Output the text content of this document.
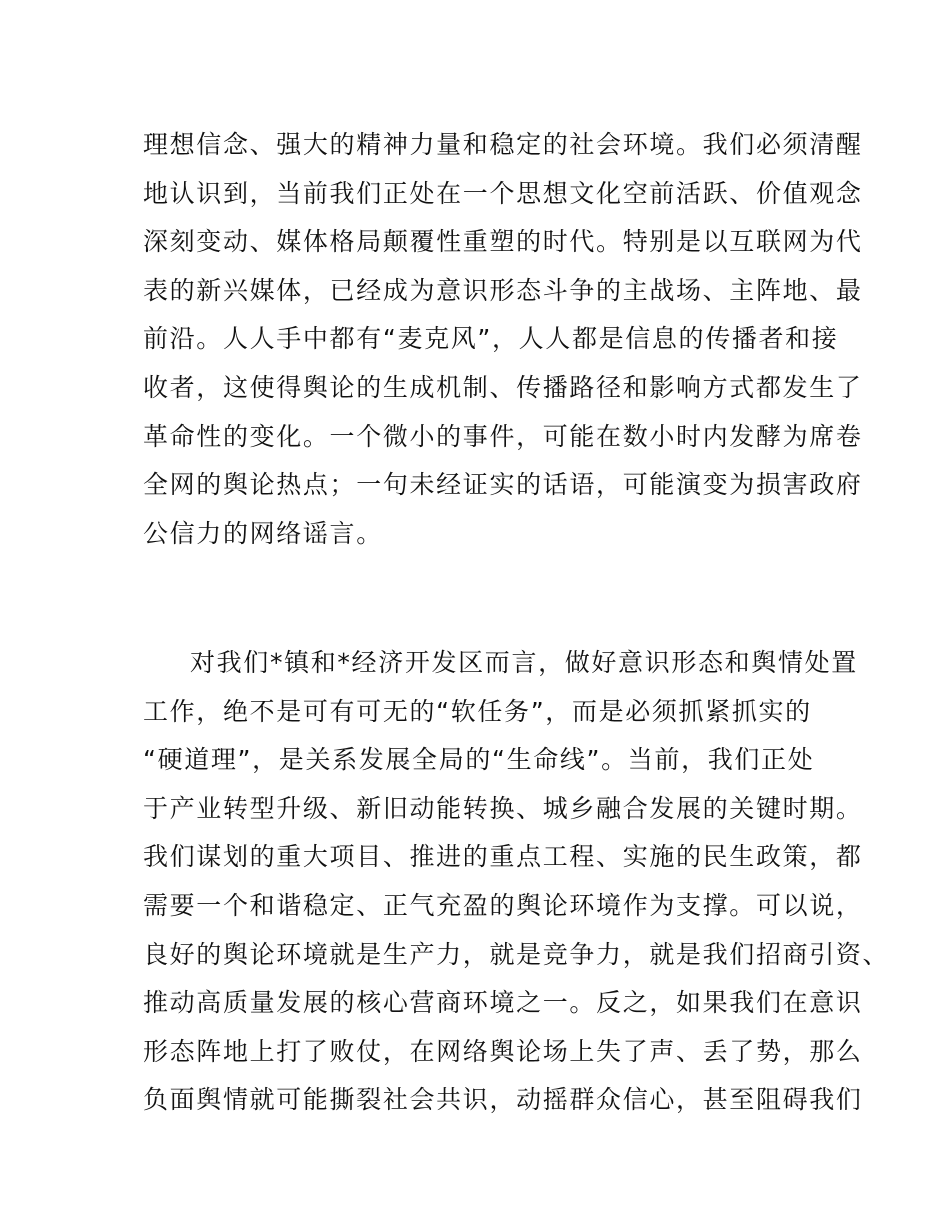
理想信念、强大的精神力量和稳定的社会环境。我们必须清醒
地认识到，当前我们正处在一个思想文化空前活跃、价值观念
深刻变动、媒体格局颠覆性重塑的时代。特别是以互联网为代
表的新兴媒体，已经成为意识形态斗争的主战场、主阵地、最
前沿。人人手中都有“麦克风”，人人都是信息的传播者和接
收者，这使得舆论的生成机制、传播路径和影响方式都发生了
革命性的变化。一个微小的事件，可能在数小时内发酵为席卷
全网的舆论热点；一句未经证实的话语，可能演变为损害政府
公信力的网络谣言。
对我们*镇和*经济开发区而言，做好意识形态和舆情处置
工作，绝不是可有可无的“软任务”，而是必须抓紧抓实的
“硬道理”，是关系发展全局的“生命线”。当前，我们正处
于产业转型升级、新旧动能转换、城乡融合发展的关键时期。
我们谋划的重大项目、推进的重点工程、实施的民生政策，都
需要一个和谐稳定、正气充盈的舆论环境作为支撑。可以说，
良好的舆论环境就是生产力，就是竞争力，就是我们招商引资、
推动高质量发展的核心营商环境之一。反之，如果我们在意识
形态阵地上打了败仗，在网络舆论场上失了声、丢了势，那么
负面舆情就可能撕裂社会共识，动摇群众信心，甚至阻碍我们
